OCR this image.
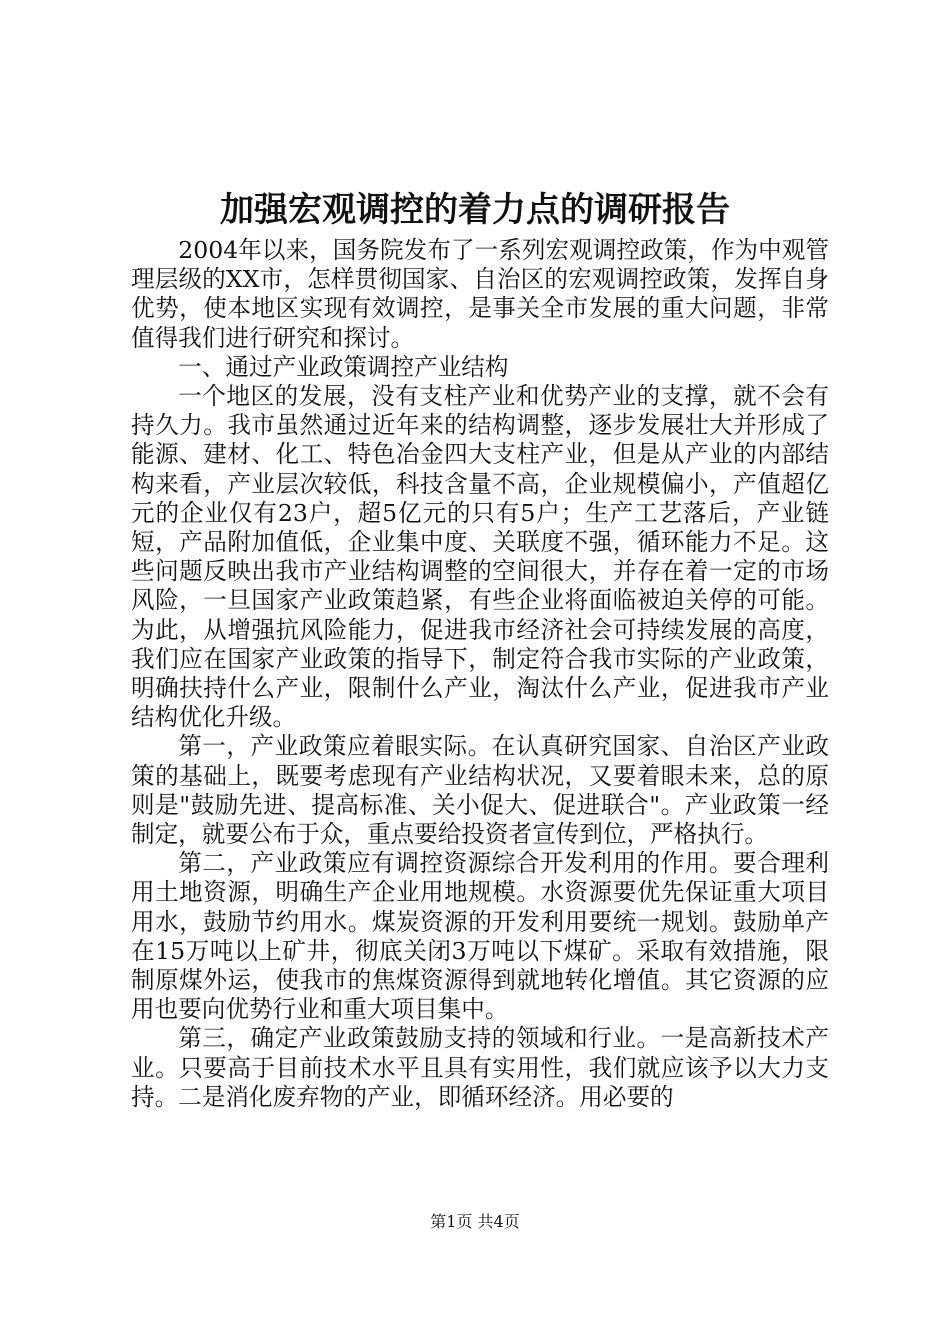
加强宏观调控的着力点的调研报告

2004年以来，国务院发布了一系列宏观调控政策，作为中观管理层级的XX市，怎样贯彻国家、自治区的宏观调控政策，发挥自身优势，使本地区实现有效调控，是事关全市发展的重大问题，非常值得我们进行研究和探讨。

一、通过产业政策调控产业结构

一个地区的发展，没有支柱产业和优势产业的支撑，就不会有持久力。我市虽然通过近年来的结构调整，逐步发展壮大并形成了能源、建材、化工、特色冶金四大支柱产业，但是从产业的内部结构来看，产业层次较低，科技含量不高，企业规模偏小，产值超亿元的企业仅有23户，超5亿元的只有5户；生产工艺落后，产业链短，产品附加值低，企业集中度、关联度不强，循环能力不足。这些问题反映出我市产业结构调整的空间很大，并存在着一定的市场风险，一旦国家产业政策趋紧，有些企业将面临被迫关停的可能。为此，从增强抗风险能力，促进我市经济社会可持续发展的高度，我们应在国家产业政策的指导下，制定符合我市实际的产业政策，明确扶持什么产业，限制什么产业，淘汰什么产业，促进我市产业结构优化升级。

第一，产业政策应着眼实际。在认真研究国家、自治区产业政策的基础上，既要考虑现有产业结构状况，又要着眼未来，总的原则是"鼓励先进、提高标准、关小促大、促进联合"。产业政策一经制定，就要公布于众，重点要给投资者宣传到位，严格执行。

第二，产业政策应有调控资源综合开发利用的作用。要合理利用土地资源，明确生产企业用地规模。水资源要优先保证重大项目用水，鼓励节约用水。煤炭资源的开发利用要统一规划。鼓励单产在15万吨以上矿井，彻底关闭3万吨以下煤矿。采取有效措施，限制原煤外运，使我市的焦煤资源得到就地转化增值。其它资源的应用也要向优势行业和重大项目集中。

第三，确定产业政策鼓励支持的领域和行业。一是高新技术产业。只要高于目前技术水平且具有实用性，我们就应该予以大力支持。二是消化废弃物的产业，即循环经济。用必要的

第1页 共4页
